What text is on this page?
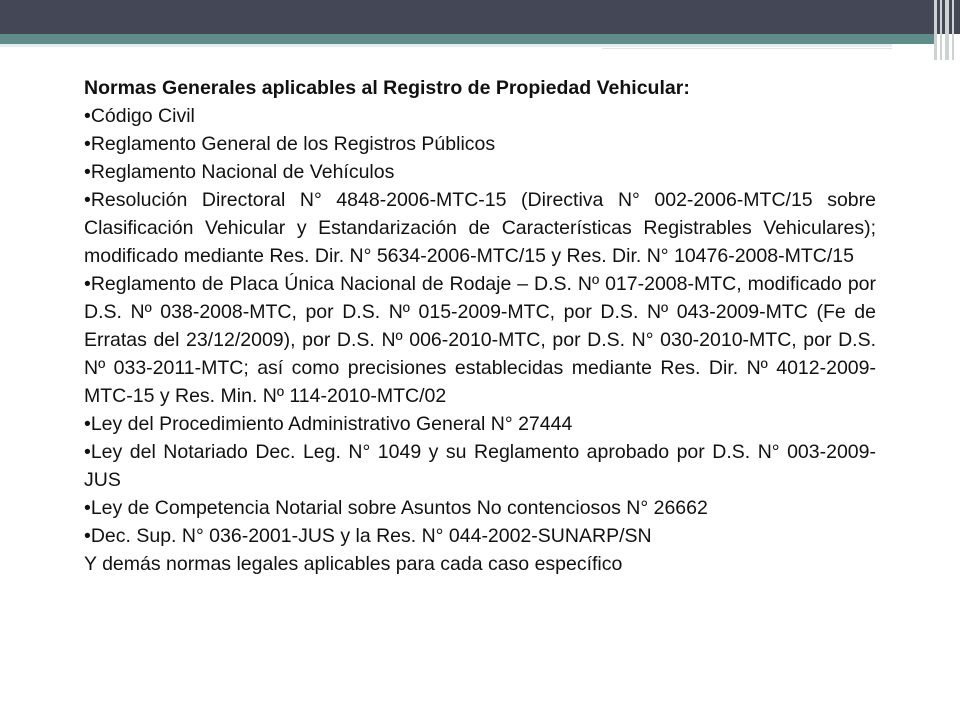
Normas Generales aplicables al Registro de Propiedad Vehicular:

•Código Civil

•Reglamento General de los Registros Públicos

•Reglamento Nacional de Vehículos

•Resolución Directoral N° 4848-2006-MTC-15 (Directiva N° 002-2006-MTC/15 sobre Clasificación Vehicular y Estandarización de Características Registrables Vehiculares); modificado mediante Res. Dir. N° 5634-2006-MTC/15 y Res. Dir. N° 10476-2008-MTC/15

•Reglamento de Placa Única Nacional de Rodaje – D.S. Nº 017-2008-MTC, modificado por D.S. Nº 038-2008-MTC, por D.S. Nº 015-2009-MTC, por D.S. Nº 043-2009-MTC (Fe de Erratas del 23/12/2009), por D.S. Nº 006-2010-MTC, por D.S. N° 030-2010-MTC, por D.S. Nº 033-2011-MTC; así como precisiones establecidas mediante Res. Dir. Nº 4012-2009-MTC-15 y Res. Min. Nº 114-2010-MTC/02

•Ley del Procedimiento Administrativo General N° 27444

•Ley del Notariado Dec. Leg. N° 1049 y su Reglamento aprobado por D.S. N° 003-2009-JUS

•Ley de Competencia Notarial sobre Asuntos No contenciosos N° 26662

•Dec. Sup. N° 036-2001-JUS y la Res. N° 044-2002-SUNARP/SN

Y demás normas legales aplicables para cada caso específico
